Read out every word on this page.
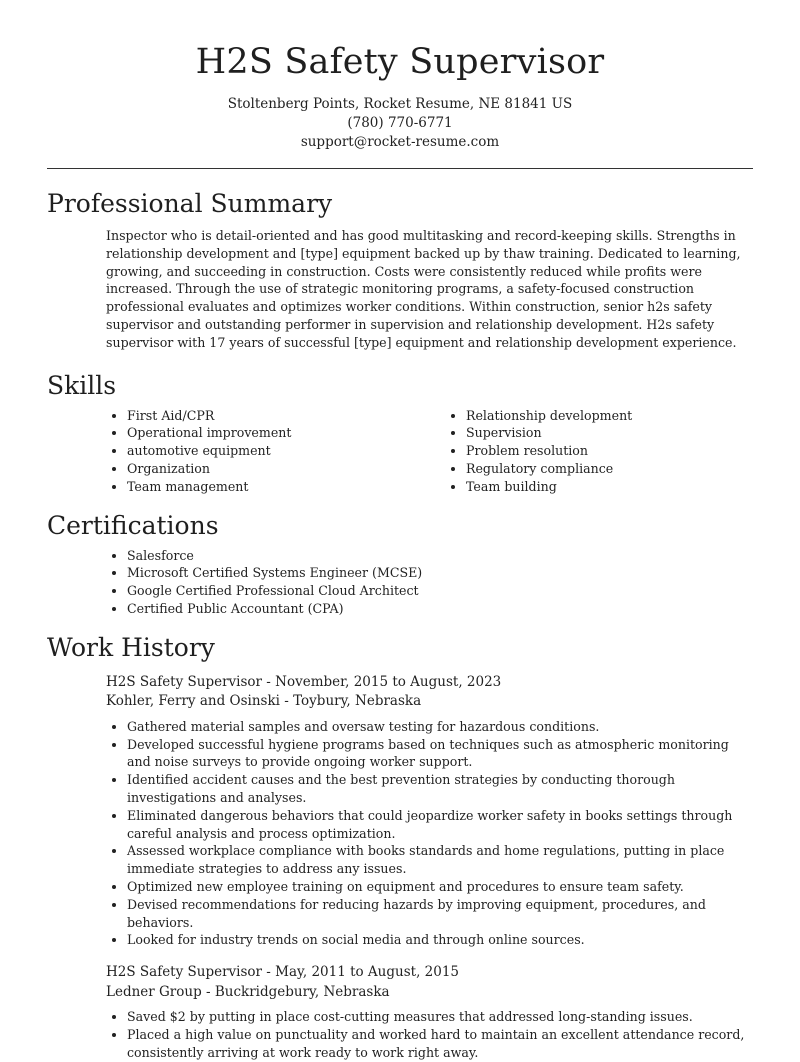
H2S Safety Supervisor
Stoltenberg Points, Rocket Resume, NE 81841 US
(780) 770-6771
support@rocket-resume.com
Professional Summary

Inspector who is detail-oriented and has good multitasking and record-keeping skills. Strengths in relationship development and [type] equipment backed up by thaw training. Dedicated to learning, growing, and succeeding in construction. Costs were consistently reduced while profits were increased. Through the use of strategic monitoring programs, a safety-focused construction professional evaluates and optimizes worker conditions. Within construction, senior h2s safety supervisor and outstanding performer in supervision and relationship development. H2s safety supervisor with 17 years of successful [type] equipment and relationship development experience.

Skills
• First Aid/CPR
• Operational improvement
• automotive equipment
• Organization
• Team management
• Relationship development
• Supervision
• Problem resolution
• Regulatory compliance
• Team building
Certifications
• Salesforce
• Microsoft Certified Systems Engineer (MCSE)
• Google Certified Professional Cloud Architect
• Certified Public Accountant (CPA)
Work History
H2S Safety Supervisor - November, 2015 to August, 2023
Kohler, Ferry and Osinski - Toybury, Nebraska
• Gathered material samples and oversaw testing for hazardous conditions.
• Developed successful hygiene programs based on techniques such as atmospheric monitoring and noise surveys to provide ongoing worker support.
• Identified accident causes and the best prevention strategies by conducting thorough investigations and analyses.
• Eliminated dangerous behaviors that could jeopardize worker safety in books settings through careful analysis and process optimization.
• Assessed workplace compliance with books standards and home regulations, putting in place immediate strategies to address any issues.
• Optimized new employee training on equipment and procedures to ensure team safety.
• Devised recommendations for reducing hazards by improving equipment, procedures, and behaviors.
• Looked for industry trends on social media and through online sources.
H2S Safety Supervisor - May, 2011 to August, 2015
Ledner Group - Buckridgebury, Nebraska
• Saved $2 by putting in place cost-cutting measures that addressed long-standing issues.
• Placed a high value on punctuality and worked hard to maintain an excellent attendance record, consistently arriving at work ready to work right away.
